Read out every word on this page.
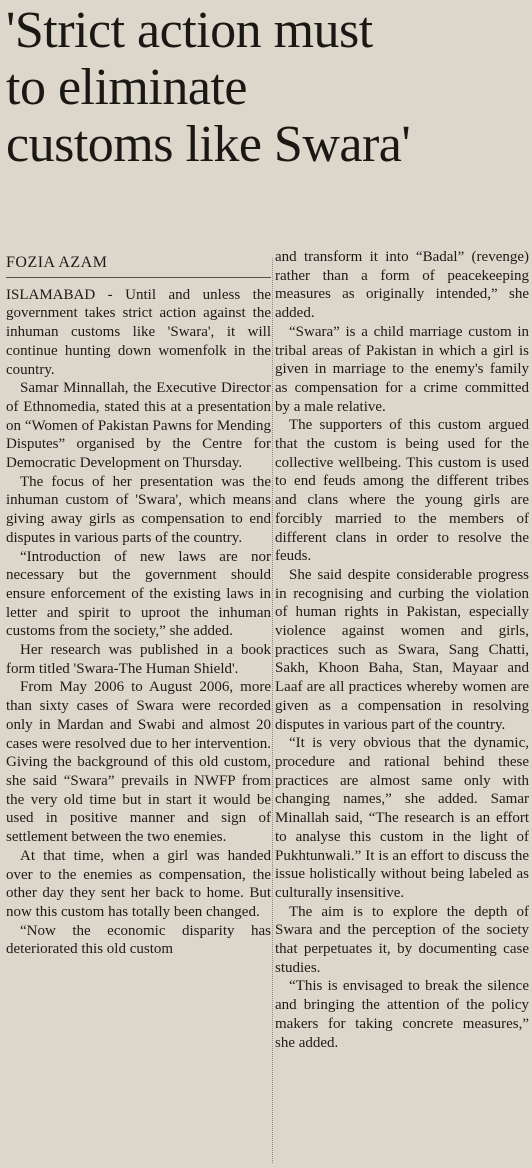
'Strict action must
to eliminate
customs like Swara'
FOZIA AZAM

ISLAMABAD - Until and unless the government takes strict action against the inhuman customs like 'Swara', it will continue hunting down womenfolk in the country.

Samar Minnallah, the Executive Director of Ethnomedia, stated this at a presentation on “Women of Pakistan Pawns for Mending Disputes” organised by the Centre for Democratic Development on Thursday.

The focus of her presentation was the inhuman custom of 'Swara', which means giving away girls as compensation to end disputes in various parts of the country.

“Introduction of new laws are nor necessary but the government should ensure enforcement of the existing laws in letter and spirit to uproot the inhuman customs from the society,” she added.

Her research was published in a book form titled 'Swara-The Human Shield'.

From May 2006 to August 2006, more than sixty cases of Swara were recorded only in Mardan and Swabi and almost 20 cases were resolved due to her intervention. Giving the background of this old custom, she said “Swara” prevails in NWFP from the very old time but in start it would be used in positive manner and sign of settlement between the two enemies.

At that time, when a girl was handed over to the enemies as compensation, the other day they sent her back to home. But now this custom has totally been changed.

“Now the economic disparity has deteriorated this old custom

and transform it into “Badal” (revenge) rather than a form of peacekeeping measures as originally intended,” she added.

“Swara” is a child marriage custom in tribal areas of Pakistan in which a girl is given in marriage to the enemy's family as compensation for a crime committed by a male relative.

The supporters of this custom argued that the custom is being used for the collective wellbeing. This custom is used to end feuds among the different tribes and clans where the young girls are forcibly married to the members of different clans in order to resolve the feuds.

She said despite considerable progress in recognising and curbing the violation of human rights in Pakistan, especially violence against women and girls, practices such as Swara, Sang Chatti, Sakh, Khoon Baha, Stan, Mayaar and Laaf are all practices whereby women are given as a compensation in resolving disputes in various part of the country.

“It is very obvious that the dynamic, procedure and rational behind these practices are almost same only with changing names,” she added. Samar Minallah said, “The research is an effort to analyse this custom in the light of Pukhtunwali.” It is an effort to discuss the issue holistically without being labeled as culturally insensitive.

The aim is to explore the depth of Swara and the perception of the society that perpetuates it, by documenting case studies.

“This is envisaged to break the silence and bringing the attention of the policy makers for taking concrete measures,” she added.
